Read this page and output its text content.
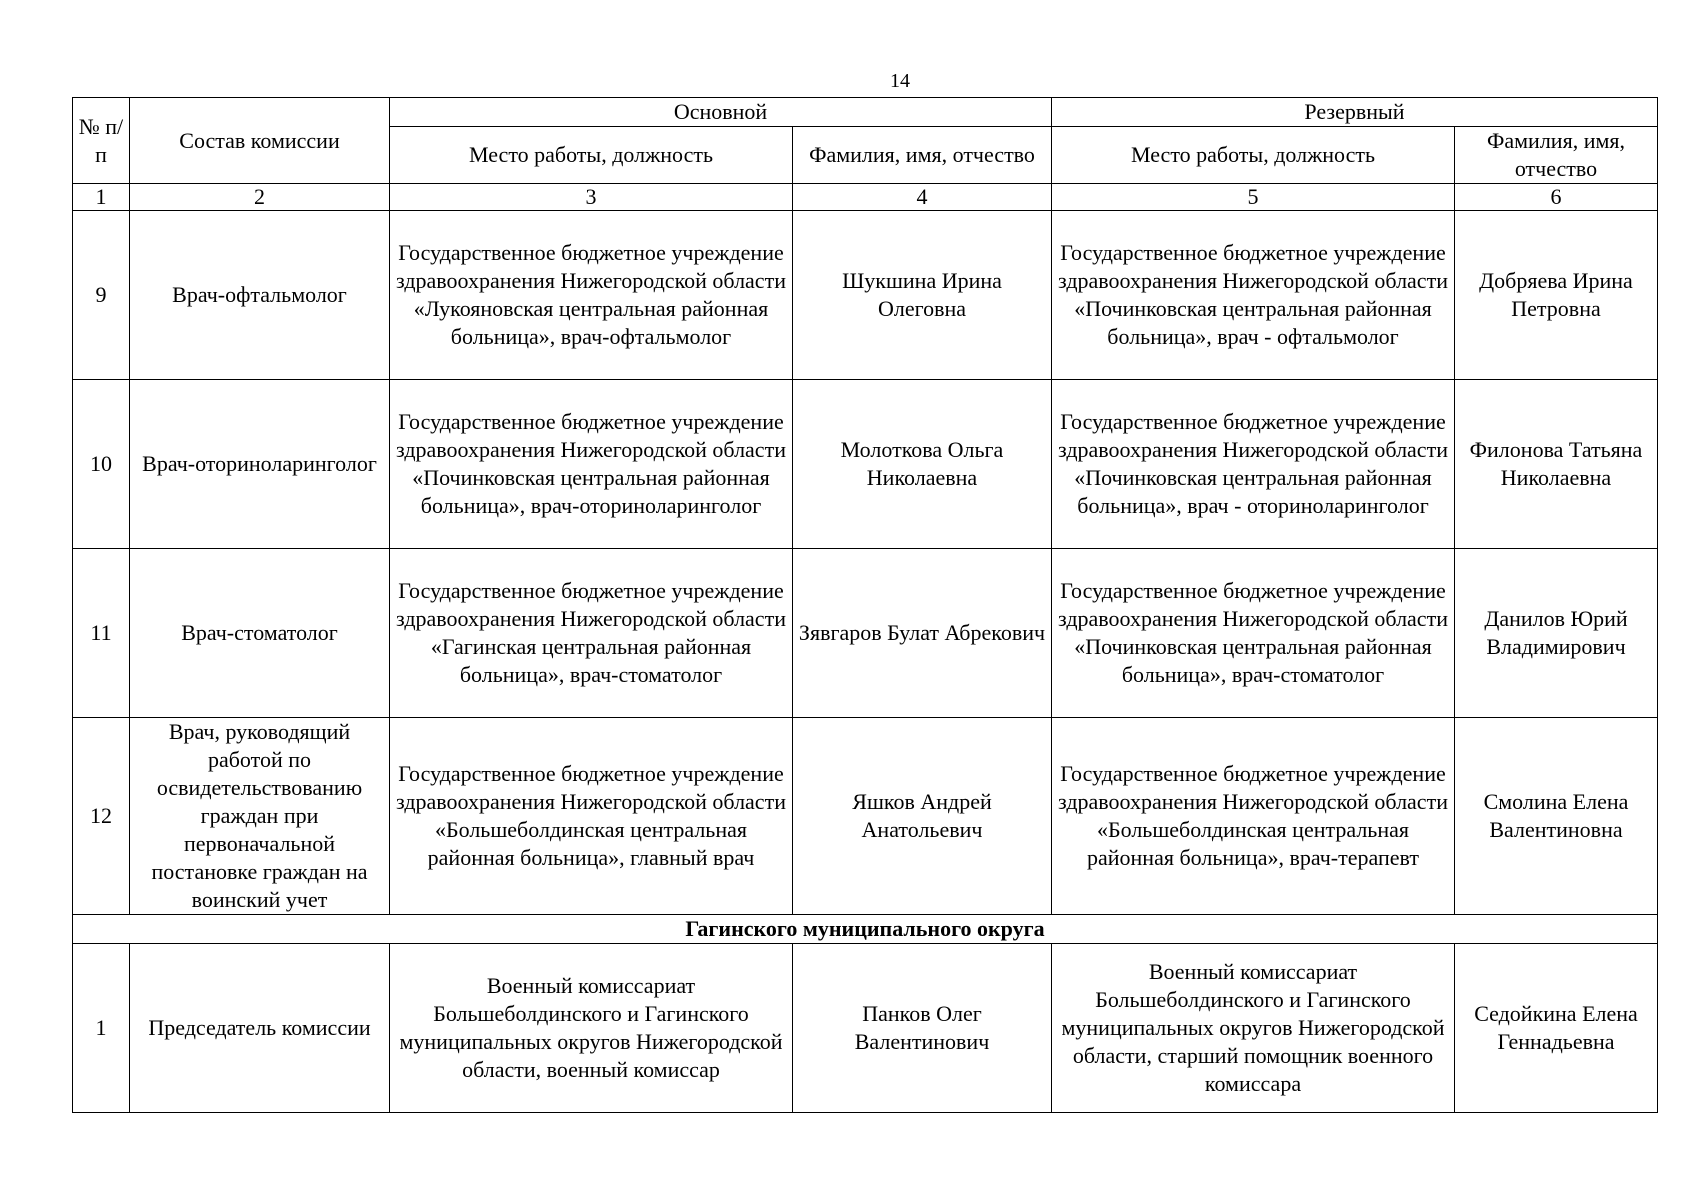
14
№ п/п	Состав комиссии	Основной		Резервный	
		Место работы, должность	Фамилия, имя, отчество	Место работы, должность	Фамилия, имя, отчество
1	2	3	4	5	6
9	Врач-офтальмолог	Государственное бюджетное учреждение здравоохранения Нижегородской области «Лукояновская центральная районная больница», врач-офтальмолог	Шукшина Ирина Олеговна	Государственное бюджетное учреждение здравоохранения Нижегородской области «Починковская центральная районная больница», врач - офтальмолог	Добряева Ирина Петровна
10	Врач-оториноларинголог	Государственное бюджетное учреждение здравоохранения Нижегородской области «Починковская центральная районная больница», врач-оториноларинголог	Молоткова Ольга Николаевна	Государственное бюджетное учреждение здравоохранения Нижегородской области «Починковская центральная районная больница», врач - оториноларинголог	Филонова Татьяна Николаевна
11	Врач-стоматолог	Государственное бюджетное учреждение здравоохранения Нижегородской области «Гагинская центральная районная больница», врач-стоматолог	Зявгаров Булат Абрекович	Государственное бюджетное учреждение здравоохранения Нижегородской области «Починковская центральная районная больница», врач-стоматолог	Данилов Юрий Владимирович
12	Врач, руководящий работой по освидетельствованию граждан при первоначальной постановке граждан на воинский учет	Государственное бюджетное учреждение здравоохранения Нижегородской области «Большеболдинская центральная районная больница», главный врач	Яшков Андрей Анатольевич	Государственное бюджетное учреждение здравоохранения Нижегородской области «Большеболдинская центральная районная больница», врач-терапевт	Смолина Елена Валентиновна
Гагинского муниципального округа					
1	Председатель комиссии	Военный комиссариат Большеболдинского и Гагинского муниципальных округов Нижегородской области, военный комиссар	Панков Олег Валентинович	Военный комиссариат Большеболдинского и Гагинского муниципальных округов Нижегородской области, старший помощник военного комиссара	Седойкина Елена Геннадьевна
